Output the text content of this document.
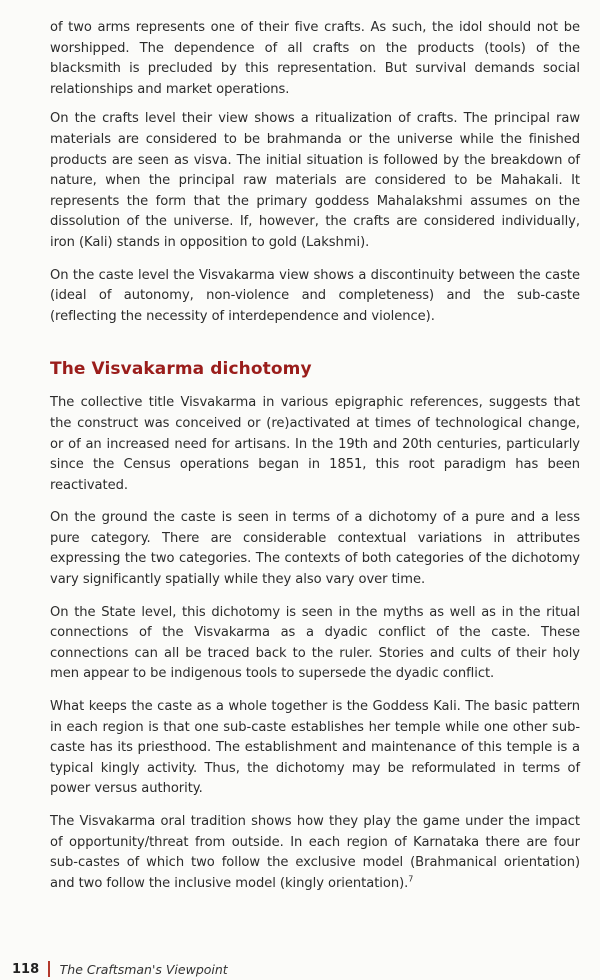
of two arms represents one of their five crafts. As such, the idol should not be worshipped. The dependence of all crafts on the products (tools) of the blacksmith is precluded by this representation. But survival demands social relationships and market operations.

On the crafts level their view shows a ritualization of crafts. The principal raw materials are considered to be brahmanda or the universe while the finished products are seen as visva. The initial situation is followed by the breakdown of nature, when the principal raw materials are considered to be Mahakali. It represents the form that the primary goddess Mahalakshmi assumes on the dissolution of the universe. If, however, the crafts are considered individually, iron (Kali) stands in opposition to gold (Lakshmi).

On the caste level the Visvakarma view shows a discontinuity between the caste (ideal of autonomy, non-violence and completeness) and the sub-caste (reflecting the necessity of interdependence and violence).

The Visvakarma dichotomy

The collective title Visvakarma in various epigraphic references, suggests that the construct was conceived or (re)activated at times of technological change, or of an increased need for artisans. In the 19th and 20th centuries, particularly since the Census operations began in 1851, this root paradigm has been reactivated.

On the ground the caste is seen in terms of a dichotomy of a pure and a less pure category. There are considerable contextual variations in attributes expressing the two categories. The contexts of both categories of the dichotomy vary significantly spatially while they also vary over time.

On the State level, this dichotomy is seen in the myths as well as in the ritual connections of the Visvakarma as a dyadic conflict of the caste. These connections can all be traced back to the ruler. Stories and cults of their holy men appear to be indigenous tools to supersede the dyadic conflict.

What keeps the caste as a whole together is the Goddess Kali. The basic pattern in each region is that one sub-caste establishes her temple while one other sub-caste has its priesthood. The establishment and maintenance of this temple is a typical kingly activity. Thus, the dichotomy may be reformulated in terms of power versus authority.

The Visvakarma oral tradition shows how they play the game under the impact of opportunity/threat from outside. In each region of Karnataka there are four sub-castes of which two follow the exclusive model (Brahmanical orientation) and two follow the inclusive model (kingly orientation).$^7$

118 The Craftsman's Viewpoint
